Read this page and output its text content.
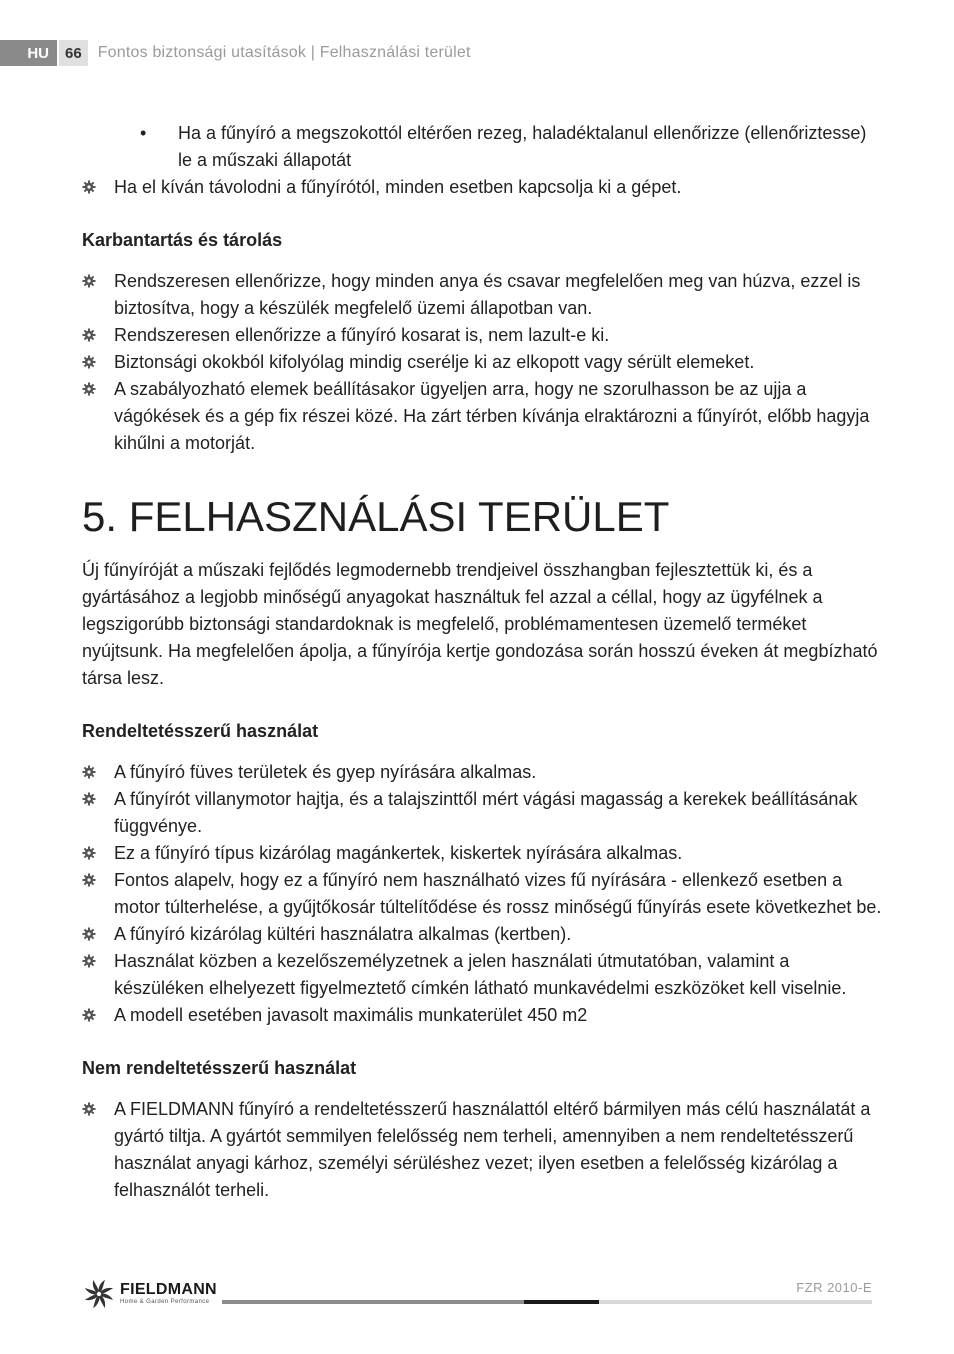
HU	66	Fontos biztonsági utasítások | Felhasználási terület
• Ha a fűnyíró a megszokottól eltérően rezeg, haladéktalanul ellenőrizze (ellenőriztesse) le a műszaki állapotát
Ha el kíván távolodni a fűnyírótól, minden esetben kapcsolja ki a gépet.
Karbantartás és tárolás
Rendszeresen ellenőrizze, hogy minden anya és csavar megfelelően meg van húzva, ezzel is biztosítva, hogy a készülék megfelelő üzemi állapotban van.
Rendszeresen ellenőrizze a fűnyíró kosarat is, nem lazult-e ki.
Biztonsági okokból kifolyólag mindig cserélje ki az elkopott vagy sérült elemeket.
A szabályozható elemek beállításakor ügyeljen arra, hogy ne szorulhasson be az ujja a vágókések és a gép fix részei közé. Ha zárt térben kívánja elraktározni a fűnyírót, előbb hagyja kihűlni a motorját.
5. FELHASZNÁLÁSI TERÜLET

Új fűnyíróját a műszaki fejlődés legmodernebb trendjeivel összhangban fejlesztettük ki, és a gyártásához a legjobb minőségű anyagokat használtuk fel azzal a céllal, hogy az ügyfélnek a legszigorúbb biztonsági standardoknak is megfelelő, problémamentesen üzemelő terméket nyújtsunk. Ha megfelelően ápolja, a fűnyírója kertje gondozása során hosszú éveken át megbízható társa lesz.

Rendeltetésszerű használat
A fűnyíró füves területek és gyep nyírására alkalmas.
A fűnyírót villanymotor hajtja, és a talajszinttől mért vágási magasság a kerekek beállításának függvénye.
Ez a fűnyíró típus kizárólag magánkertek, kiskertek nyírására alkalmas.
Fontos alapelv, hogy ez a fűnyíró nem használható vizes fű nyírására - ellenkező esetben a motor túlterhelése, a gyűjtőkosár túltelítődése és rossz minőségű fűnyírás esete következhet be.
A fűnyíró kizárólag kültéri használatra alkalmas (kertben).
Használat közben a kezelőszemélyzetnek a jelen használati útmutatóban, valamint a készüléken elhelyezett figyelmeztető címkén látható munkavédelmi eszközöket kell viselnie.
A modell esetében javasolt maximális munkaterület 450 m2
Nem rendeltetésszerű használat
A FIELDMANN fűnyíró a rendeltetésszerű használattól eltérő bármilyen más célú használatát a gyártó tiltja. A gyártót semmilyen felelősség nem terheli, amennyiben a nem rendeltetésszerű használat anyagi kárhoz, személyi sérüléshez vezet; ilyen esetben a felelősség kizárólag a felhasználót terheli.
FIELDMANN
Home & Garden Performance
FZR 2010-E
